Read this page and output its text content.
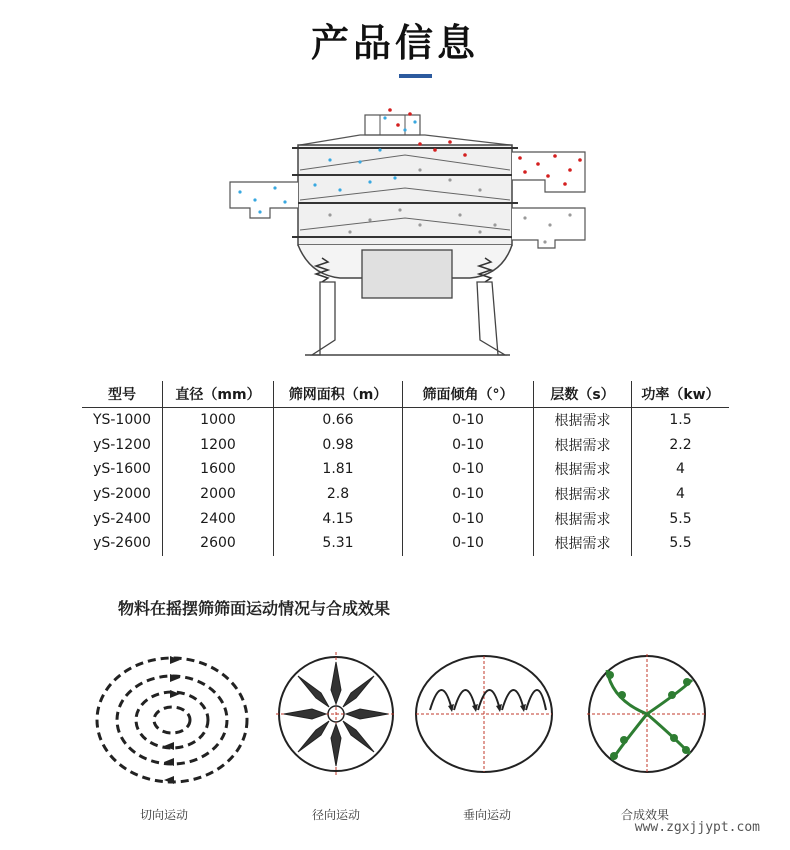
产品信息
型号	直径（mm）	筛网面积（m）	筛面倾角（°）	层数（s）	功率（kw）
YS-1000	1000	0.66	0-10	根据需求	1.5
yS-1200	1200	0.98	0-10	根据需求	2.2
yS-1600	1600	1.81	0-10	根据需求	4
yS-2000	2000	2.8	0-10	根据需求	4
yS-2400	2400	4.15	0-10	根据需求	5.5
yS-2600	2600	5.31	0-10	根据需求	5.5
物料在摇摆筛筛面运动情况与合成效果
切向运动	径向运动	垂向运动	合成效果
www.zgxjjypt.com
